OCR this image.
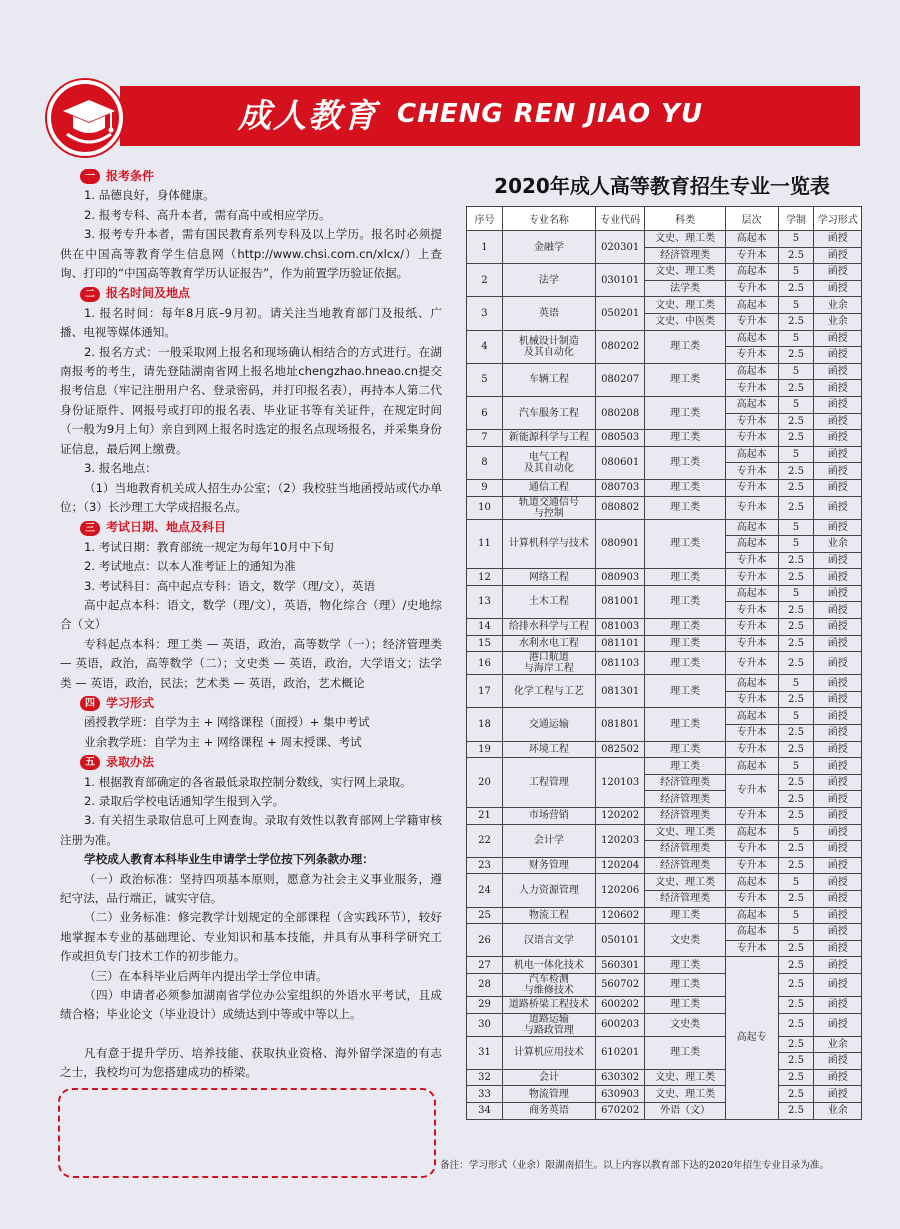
成人教育 CHENG REN JIAO YU
一 报考条件
1. 品德良好，身体健康。
2. 报考专科、高升本者，需有高中或相应学历。
3. 报考专升本者，需有国民教育系列专科及以上学历。报名时必须提供在中国高等教育学生信息网（http://www.chsi.com.cn/xlcx/）上查询、打印的“中国高等教育学历认证报告”，作为前置学历验证依据。
二 报名时间及地点
1. 报名时间：每年8月底–9月初。请关注当地教育部门及报纸、广播、电视等媒体通知。
2. 报名方式：一般采取网上报名和现场确认相结合的方式进行。在湖南报考的考生，请先登陆湖南省网上报名地址chengzhao.hneao.cn提交报考信息（牢记注册用户名、登录密码，并打印报名表），再持本人第二代身份证原件、网报号或打印的报名表、毕业证书等有关证件，在规定时间（一般为9月上旬）亲自到网上报名时选定的报名点现场报名，并采集身份证信息，最后网上缴费。
3. 报名地点：
（1）当地教育机关成人招生办公室；（2）我校驻当地函授站或代办单位；（3）长沙理工大学成招报名点。
三 考试日期、地点及科目
1. 考试日期：教育部统一规定为每年10月中下旬
2. 考试地点：以本人准考证上的通知为准
3. 考试科目：高中起点专科：语文，数学（理/文），英语
高中起点本科：语文，数学（理/文），英语，物化综合（理）/史地综合（文）
专科起点本科：理工类 — 英语，政治，高等数学（一）；经济管理类 — 英语，政治，高等数学（二）；文史类 — 英语，政治，大学语文；法学类 — 英语，政治，民法；艺术类 — 英语，政治，艺术概论
四 学习形式
函授教学班：自学为主 + 网络课程（面授）+ 集中考试
业余教学班：自学为主 + 网络课程 + 周末授课、考试
五 录取办法
1. 根据教育部确定的各省最低录取控制分数线，实行网上录取。
2. 录取后学校电话通知学生报到入学。
3. 有关招生录取信息可上网查询。录取有效性以教育部网上学籍审核注册为准。
学校成人教育本科毕业生申请学士学位按下列条款办理：
（一）政治标准：坚持四项基本原则，愿意为社会主义事业服务，遵纪守法，品行端正，诚实守信。
（二）业务标准：修完教学计划规定的全部课程（含实践环节），较好地掌握本专业的基础理论、专业知识和基本技能，并具有从事科学研究工作或担负专门技术工作的初步能力。
（三）在本科毕业后两年内提出学士学位申请。
（四）申请者必须参加湖南省学位办公室组织的外语水平考试，且成绩合格；毕业论文（毕业设计）成绩达到中等或中等以上。
凡有意于提升学历、培养技能、获取执业资格、海外留学深造的有志之士，我校均可为您搭建成功的桥梁。
2020年成人高等教育招生专业一览表
序号	专业名称	专业代码	科类	层次	学制	学习形式
1	金融学	020301	文史、理工类	高起本	5	函授
			经济管理类	专升本	2.5	函授
2	法学	030101	文史、理工类	高起本	5	函授
			法学类	专升本	2.5	函授
3	英语	050201	文史、理工类	高起本	5	业余
			文史、中医类	专升本	2.5	业余
4	机械设计制造
及其自动化	080202	理工类	高起本	5	函授
				专升本	2.5	函授
5	车辆工程	080207	理工类	高起本	5	函授
				专升本	2.5	函授
6	汽车服务工程	080208	理工类	高起本	5	函授
				专升本	2.5	函授
7	新能源科学与工程	080503	理工类	专升本	2.5	函授
8	电气工程
及其自动化	080601	理工类	高起本	5	函授
				专升本	2.5	函授
9	通信工程	080703	理工类	专升本	2.5	函授
10	轨道交通信号
与控制	080802	理工类	专升本	2.5	函授
11	计算机科学与技术	080901	理工类	高起本	5	函授
				高起本	5	业余
				专升本	2.5	函授
12	网络工程	080903	理工类	专升本	2.5	函授
13	土木工程	081001	理工类	高起本	5	函授
				专升本	2.5	函授
14	给排水科学与工程	081003	理工类	专升本	2.5	函授
15	水利水电工程	081101	理工类	专升本	2.5	函授
16	港口航道
与海岸工程	081103	理工类	专升本	2.5	函授
17	化学工程与工艺	081301	理工类	高起本	5	函授
				专升本	2.5	函授
18	交通运输	081801	理工类	高起本	5	函授
				专升本	2.5	函授
19	环境工程	082502	理工类	专升本	2.5	函授
20	工程管理	120103	理工类	高起本	5	函授
			经济管理类	专升本	2.5	函授
			经济管理类		2.5	函授
21	市场营销	120202	经济管理类	专升本	2.5	函授
22	会计学	120203	文史、理工类	高起本	5	函授
			经济管理类	专升本	2.5	函授
23	财务管理	120204	经济管理类	专升本	2.5	函授
24	人力资源管理	120206	文史、理工类	高起本	5	函授
			经济管理类	专升本	2.5	函授
25	物流工程	120602	理工类	高起本	5	函授
26	汉语言文学	050101	文史类	高起本	5	函授
				专升本	2.5	函授
27	机电一体化技术	560301	理工类	高起专	2.5	函授
28	汽车检测
与维修技术	560702	理工类		2.5	函授
29	道路桥梁工程技术	600202	理工类		2.5	函授
30	道路运输
与路政管理	600203	文史类		2.5	函授
31	计算机应用技术	610201	理工类		2.5	业余
					2.5	函授
32	会计	630302	文史、理工类		2.5	函授
33	物流管理	630903	文史、理工类		2.5	函授
34	商务英语	670202	外语（文）		2.5	业余
备注：学习形式（业余）限湖南招生。以上内容以教育部下达的2020年招生专业目录为准。
